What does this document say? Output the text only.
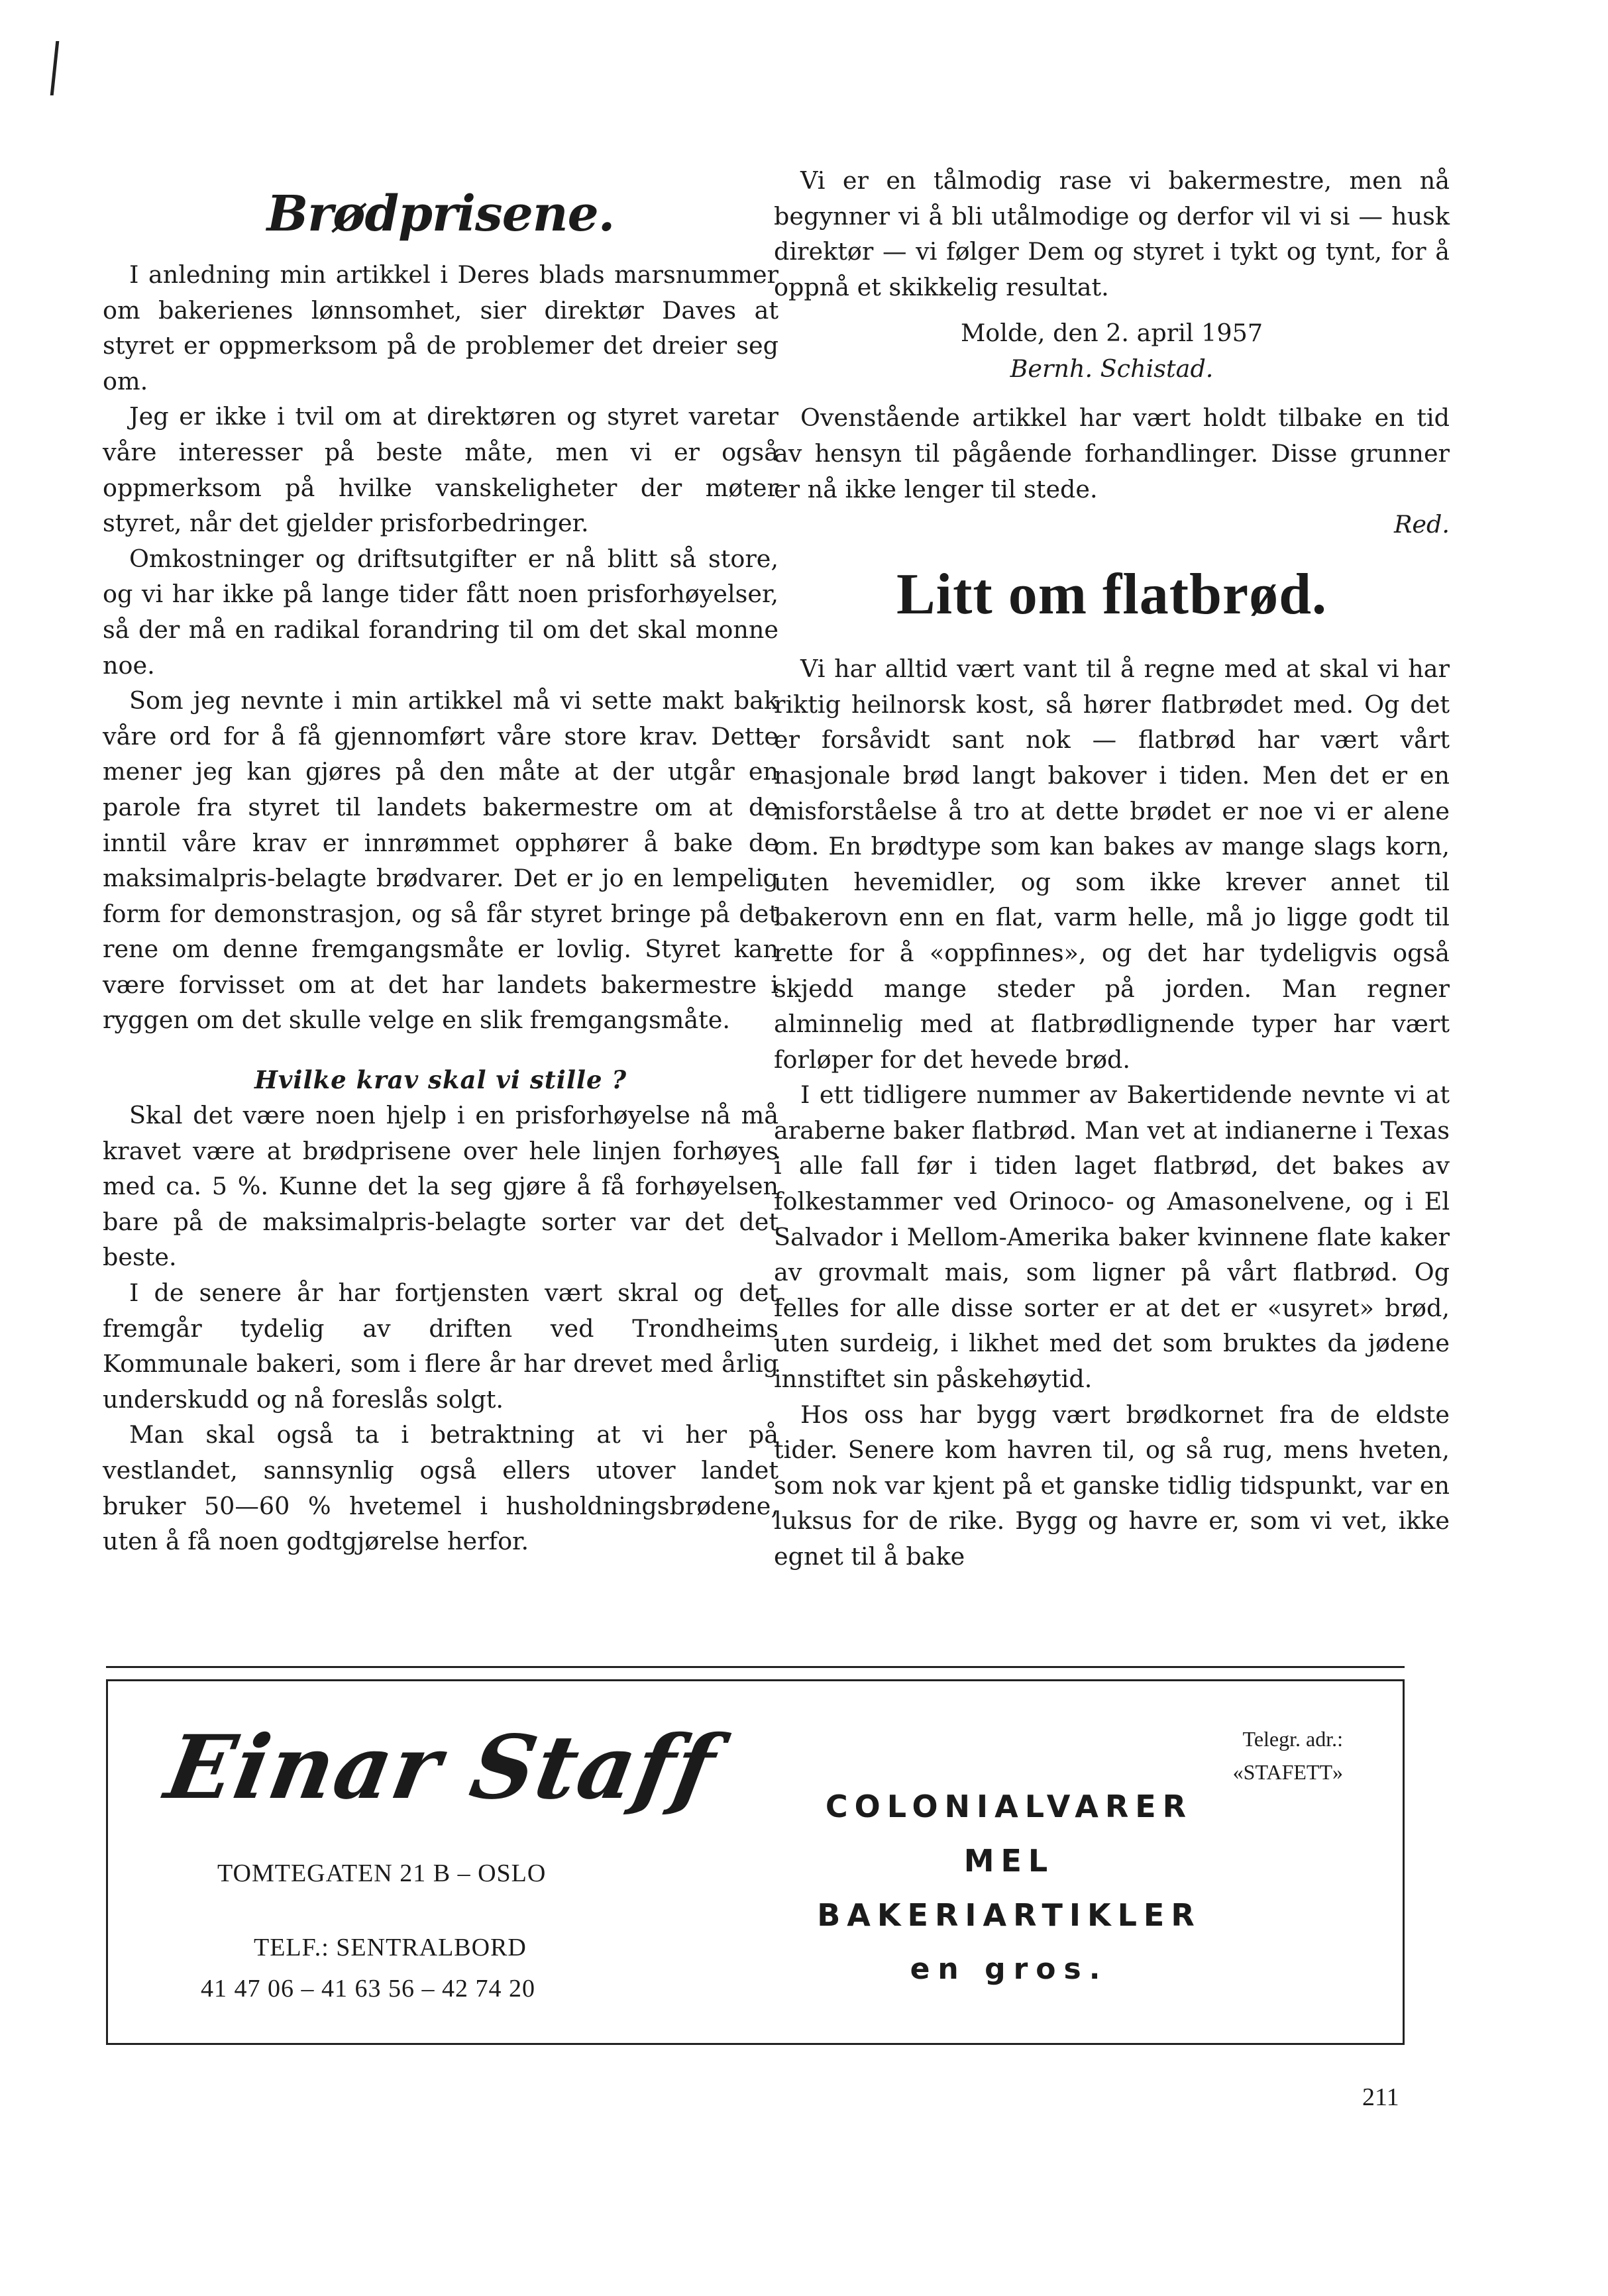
Brødprisene.

I anledning min artikkel i Deres blads marsnummer om bakerienes lønnsomhet, sier direktør Daves at styret er oppmerksom på de problemer det dreier seg om.

Jeg er ikke i tvil om at direktøren og styret varetar våre interesser på beste måte, men vi er også oppmerksom på hvilke vanskeligheter der møter styret, når det gjelder prisforbedringer.

Omkostninger og driftsutgifter er nå blitt så store, og vi har ikke på lange tider fått noen prisforhøyelser, så der må en radikal forandring til om det skal monne noe.

Som jeg nevnte i min artikkel må vi sette makt bak våre ord for å få gjennomført våre store krav. Dette mener jeg kan gjøres på den måte at der utgår en parole fra styret til landets bakermestre om at de inntil våre krav er innrømmet opphører å bake de maksimalpris-belagte brødvarer. Det er jo en lempelig form for demonstrasjon, og så får styret bringe på det rene om denne fremgangsmåte er lovlig. Styret kan være forvisset om at det har landets bakermestre i ryggen om det skulle velge en slik fremgangsmåte.

Hvilke krav skal vi stille ?

Skal det være noen hjelp i en prisforhøyelse nå må kravet være at brødprisene over hele linjen forhøyes med ca. 5 %. Kunne det la seg gjøre å få forhøyelsen bare på de maksimalpris-belagte sorter var det det beste.

I de senere år har fortjensten vært skral og det fremgår tydelig av driften ved Trondheims Kommunale bakeri, som i flere år har drevet med årlig underskudd og nå foreslås solgt.

Man skal også ta i betraktning at vi her på vestlandet, sannsynlig også ellers utover landet bruker 50—60 % hvetemel i husholdningsbrødene, uten å få noen godtgjørelse herfor.

Vi er en tålmodig rase vi bakermestre, men nå begynner vi å bli utålmodige og derfor vil vi si — husk direktør — vi følger Dem og styret i tykt og tynt, for å oppnå et skikkelig resultat.

Molde, den 2. april 1957

Bernh. Schistad.

Ovenstående artikkel har vært holdt tilbake en tid av hensyn til pågående forhandlinger. Disse grunner er nå ikke lenger til stede.

Red.

Litt om flatbrød.

Vi har alltid vært vant til å regne med at skal vi har riktig heilnorsk kost, så hører flatbrødet med. Og det er forsåvidt sant nok — flatbrød har vært vårt nasjonale brød langt bakover i tiden. Men det er en misforståelse å tro at dette brødet er noe vi er alene om. En brødtype som kan bakes av mange slags korn, uten hevemidler, og som ikke krever annet til bakerovn enn en flat, varm helle, må jo ligge godt til rette for å «oppfinnes», og det har tydeligvis også skjedd mange steder på jorden. Man regner alminnelig med at flatbrødlignende typer har vært forløper for det hevede brød.

I ett tidligere nummer av Bakertidende nevnte vi at araberne baker flatbrød. Man vet at indianerne i Texas i alle fall før i tiden laget flatbrød, det bakes av folkestammer ved Orinoco- og Amasonelvene, og i El Salvador i Mellom-Amerika baker kvinnene flate kaker av grovmalt mais, som ligner på vårt flatbrød. Og felles for alle disse sorter er at det er «usyret» brød, uten surdeig, i likhet med det som bruktes da jødene innstiftet sin påskehøytid.

Hos oss har bygg vært brødkornet fra de eldste tider. Senere kom havren til, og så rug, mens hveten, som nok var kjent på et ganske tidlig tidspunkt, var en luksus for de rike. Bygg og havre er, som vi vet, ikke egnet til å bake

Einar Staff
TOMTEGATEN 21 B – OSLO
TELF.: SENTRALBORD
41 47 06 – 41 63 56 – 42 74 20
Telegr. adr.:
«STAFETT»
COLONIALVARER
MEL
BAKERIARTIKLER
en gros.
211
